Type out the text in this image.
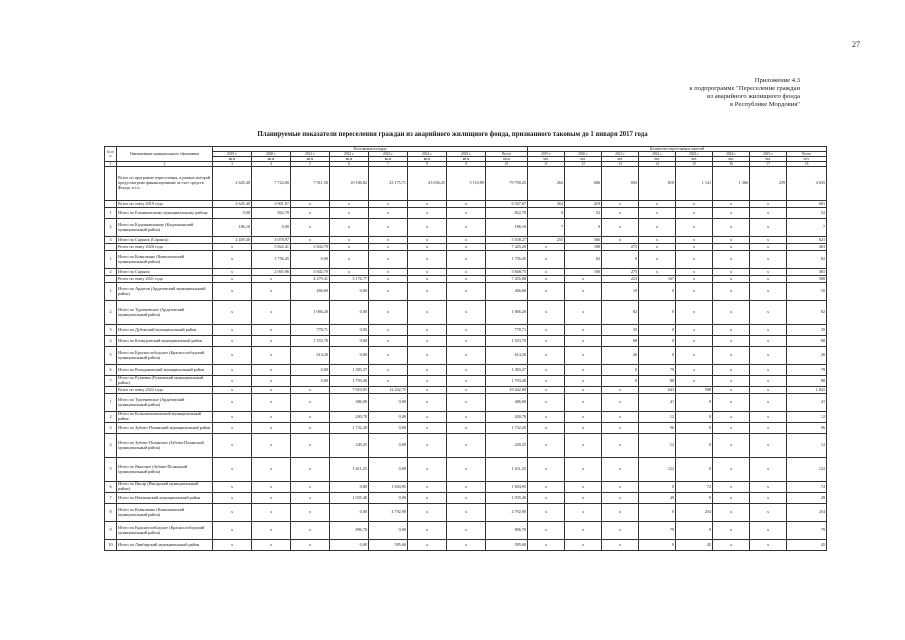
27
Приложение 4.3
к подпрограмме "Переселение граждан
из аварийного жилищного фонда
в Республике Мордовия"
Планируемые показатели переселения граждан из аварийного жилищного фонда, признанного таковым до 1 января 2017 года
№ п/п	Наименование муниципального образования	Расселяемая площадь								Количество переселяемых жителей							
		2019 г.	2020 г.	2021 г.	2022 г.	2023 г.	2024 г.	2025 г.	Всего	2019 г.	2020 г.	2021 г.	2022 г.	2023 г.	2024 г.	2025 г.	Всего
		кв.м	кв.м	кв.м	кв.м	кв.м	кв.м	кв.м	кв.м	чел.	чел.	чел.	чел.	чел.	чел.	чел.	чел.
1	2	3	4	5	6	7	8	9	10	11	12	13	14	15	16	17	18
	Всего по программе переселения, в рамках которой предусмотрено финансирование за счет средств Фонда, в т.ч.:	2 645,40	7 724,00	7 911,30	10 186,82	23 175,71	23 036,25	5 110,89	79 790,25	262	686	692	810	1 141	1 366	239	4 635
	Всего по этапу 2019 года	2 645,40	3 901,67	x	x	x	x	x	6 547,07	262	419	x	x	x	x	x	681
1	Итого по Ельниковскому муниципальному району	0,00	822,70	x	x	x	x	x	822,70	0	52	x	x	x	x	x	52
2	Итого по Кадошкинскому (Кадошкинский муниципальный район)	186,10	0,00	x	x	x	x	x	186,10	7	0	x	x	x	x	x	7
3	Итого по Саранск (Саранск)	2 459,30	3 078,97	x	x	x	x	x	5 538,27	255	366	x	x	x	x	x	621
	Всего по этапу 2020 года	x	3 822,41	3 602,79	x	x	x	x	7 425,20	x	188	275	x	x	x	x	463
1	Итого по Ковылкино (Ковылкинский муниципальный район)	x	1 756,45	0,00	x	x	x	x	1 756,45	x	82	0	x	x	x	x	82
2	Итого по Саранск	x	2 065,96	3 602,79	x	x	x	x	5 668,75	x	106	275	x	x	x	x	381
	Всего по этапу 2021 года	x	x	4 279,41	3 176,77	x	x	x	7 455,88	x	x	223	167	x	x	x	388
1	Итого по Ардатов (Ардатовский муниципальный район)	x	x	266,60	0,00	x	x	x	266,60	x	x	10	0	x	x	x	10
2	Итого по Тургеневское (Ардатовский муниципальный район)	x	x	1 066,20	0,00	x	x	x	1 066,20	x	x	82	0	x	x	x	82
3	Итого по Дубенский муниципальный район	x	x	778,71	0,00	x	x	x	778,71	x	x	35	0	x	x	x	35
4	Итого по Кочкуровский муниципальный район	x	x	1 553,70	0,00	x	x	x	1 553,70	x	x	68	0	x	x	x	68
5	Итого по Краснослободское (Краснослободский муниципальный район)	x	x	614,20	0,00	x	x	x	614,20	x	x	26	0	x	x	x	26
6	Итого по Ромодановский муниципальный район	x	x	0,00	1 383,37	x	x	x	1 383,37	x	x	0	79	x	x	x	79
7	Итого по Рузаевка (Рузаевский муниципальный район)	x	x	0,00	1 793,40	x	x	x	1 793,40	x	x	0	88	x	x	x	88
	Всего по этапу 2022 года	x	x	x	7 010,05	12 432,75	x	x	19 442,80	x	x	x	643	598	x	x	1 041
1	Итого по Тургеневское (Ардатовский муниципальный район)	x	x	x	486,00	0,00	x	x	486,00	x	x	x	41	0	x	x	41
2	Итого по Большеигнатовский муниципальный район	x	x	x	200,70	0,00	x	x	200,70	x	x	x	12	0	x	x	12
3	Итого по Зубово-Полянский муниципальный район	x	x	x	1 732,20	0,00	x	x	1 732,20	x	x	x	96	0	x	x	96
4	Итого по Зубово-Полянское (Зубово-Полянский муниципальный район)	x	x	x	249,25	0,00	x	x	249,25	x	x	x	12	0	x	x	12
5	Итого по Явасское (Зубово-Полянский муниципальный район)	x	x	x	1 611,25	0,00	x	x	1 611,25	x	x	x	122	0	x	x	122
6	Итого по Инсар (Инсарский муниципальный район)	x	x	x	0,00	1 694,95	x	x	1 694,95	x	x	x	0	72	x	x	72
7	Итого по Ичалковский муниципальный район	x	x	x	1 035,40	0,00	x	x	1 035,40	x	x	x	49	0	x	x	49
8	Итого по Ковылкино (Ковылкинский муниципальный район)	x	x	x	0,00	4 792,90	x	x	4 792,90	x	x	x	0	254	x	x	254
9	Итого по Краснослободское (Краснослободский муниципальный район)	x	x	x	896,70	0,00	x	x	896,70	x	x	x	79	0	x	x	79
10	Итого по Лямбирский муниципальный район	x	x	x	0,00	595,60	x	x	595,60	x	x	x	0	45	x	x	45
